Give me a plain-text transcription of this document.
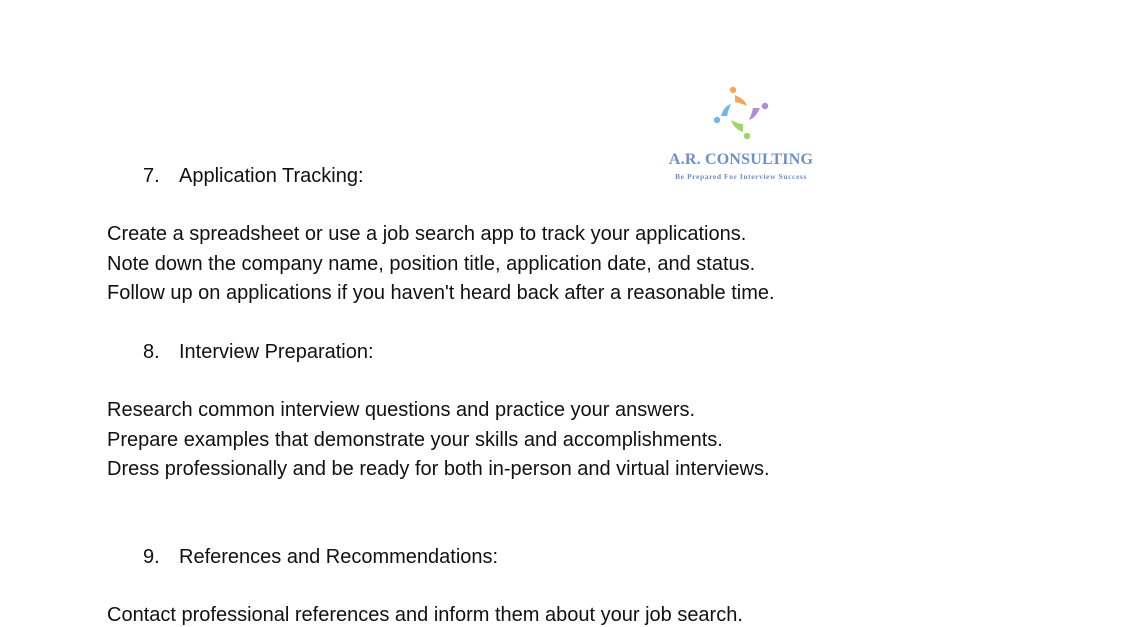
A.R. CONSULTING
Be Prepared For Interview Success
7. Application Tracking:
Create a spreadsheet or use a job search app to track your applications.
Note down the company name, position title, application date, and status.
Follow up on applications if you haven't heard back after a reasonable time.
8. Interview Preparation:
Research common interview questions and practice your answers.
Prepare examples that demonstrate your skills and accomplishments.
Dress professionally and be ready for both in-person and virtual interviews.
9. References and Recommendations:
Contact professional references and inform them about your job search.
